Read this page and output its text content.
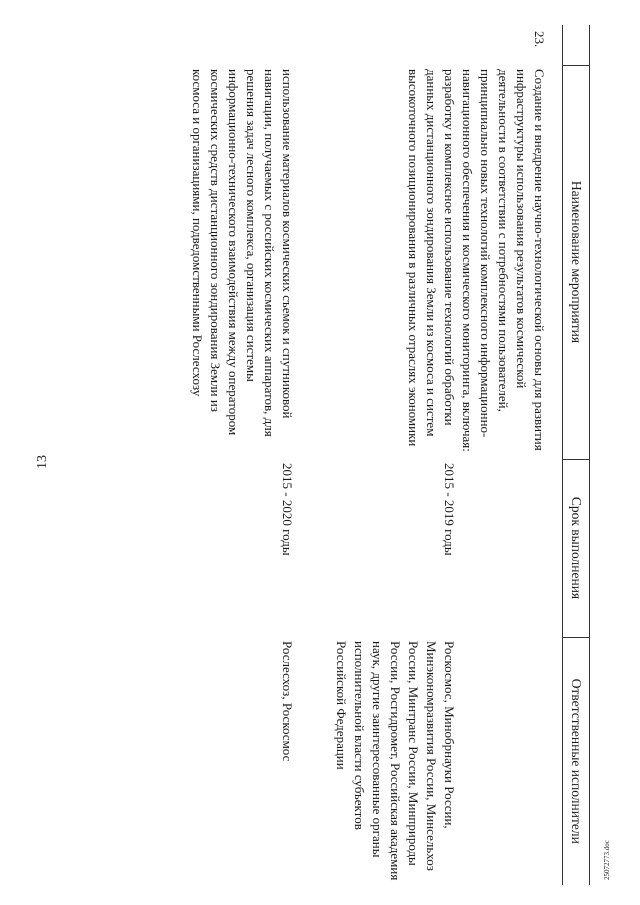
13
25072773.doc
	Наименование мероприятия	Срок выполнения	Ответственные исполнители
23.	Создание и внедрение научно-технологической основы для развития инфраструктуры использования результатов космической деятельности в соответствии с потребностями пользователей, принципиально новых технологий комплексного информационно-навигационного обеспечения и космического мониторинга, включая:		
	разработку и комплексное использование технологий обработки данных дистанционного зондирования Земли из космоса и систем высокоточного позиционирования в различных отраслях экономики	2015 - 2019 годы	Роскосмос, Минобрнауки России, Минэкономразвития России, Минсельхоз России, Минтранс России, Минприроды России, Росгидромет, Российская академия наук, другие заинтересованные органы исполнительной власти субъектов Российской Федерации
	использование материалов космических съемок и спутниковой навигации, получаемых с российских космических аппаратов, для решения задач лесного комплекса, организация системы информационно-технического взаимодействия между оператором космических средств дистанционного зондирования Земли из космоса и организациями, подведомственными Рослесхозу	2015 - 2020 годы	Рослесхоз, Роскосмос
